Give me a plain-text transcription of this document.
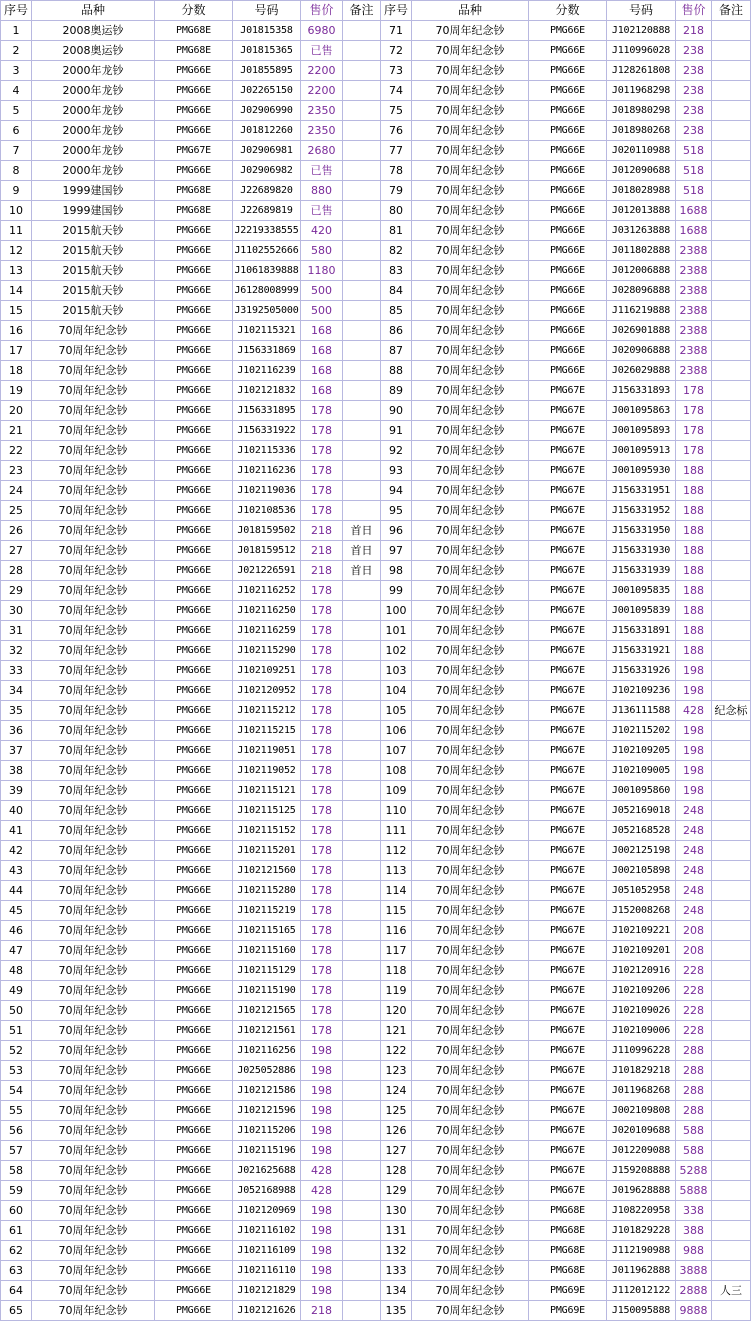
序号	品种	分数	号码	售价	备注	序号	品种	分数	号码	售价	备注
1	2008奥运钞	PMG68E	J01815358	6980		71	70周年纪念钞	PMG66E	J102120888	218	
2	2008奥运钞	PMG68E	J01815365	已售		72	70周年纪念钞	PMG66E	J110996028	238	
3	2000年龙钞	PMG66E	J01855895	2200		73	70周年纪念钞	PMG66E	J128261808	238	
4	2000年龙钞	PMG66E	J02265150	2200		74	70周年纪念钞	PMG66E	J011968298	238	
5	2000年龙钞	PMG66E	J02906990	2350		75	70周年纪念钞	PMG66E	J018980298	238	
6	2000年龙钞	PMG66E	J01812260	2350		76	70周年纪念钞	PMG66E	J018980268	238	
7	2000年龙钞	PMG67E	J02906981	2680		77	70周年纪念钞	PMG66E	J020110988	518	
8	2000年龙钞	PMG66E	J02906982	已售		78	70周年纪念钞	PMG66E	J012090688	518	
9	1999建国钞	PMG68E	J22689820	880		79	70周年纪念钞	PMG66E	J018028988	518	
10	1999建国钞	PMG68E	J22689819	已售		80	70周年纪念钞	PMG66E	J012013888	1688	
11	2015航天钞	PMG66E	J2219338555	420		81	70周年纪念钞	PMG66E	J031263888	1688	
12	2015航天钞	PMG66E	J1102552666	580		82	70周年纪念钞	PMG66E	J011802888	2388	
13	2015航天钞	PMG66E	J1061839888	1180		83	70周年纪念钞	PMG66E	J012006888	2388	
14	2015航天钞	PMG66E	J6128008999	500		84	70周年纪念钞	PMG66E	J028096888	2388	
15	2015航天钞	PMG66E	J3192505000	500		85	70周年纪念钞	PMG66E	J116219888	2388	
16	70周年纪念钞	PMG66E	J102115321	168		86	70周年纪念钞	PMG66E	J026901888	2388	
17	70周年纪念钞	PMG66E	J156331869	168		87	70周年纪念钞	PMG66E	J020906888	2388	
18	70周年纪念钞	PMG66E	J102116239	168		88	70周年纪念钞	PMG66E	J026029888	2388	
19	70周年纪念钞	PMG66E	J102121832	168		89	70周年纪念钞	PMG67E	J156331893	178	
20	70周年纪念钞	PMG66E	J156331895	178		90	70周年纪念钞	PMG67E	J001095863	178	
21	70周年纪念钞	PMG66E	J156331922	178		91	70周年纪念钞	PMG67E	J001095893	178	
22	70周年纪念钞	PMG66E	J102115336	178		92	70周年纪念钞	PMG67E	J001095913	178	
23	70周年纪念钞	PMG66E	J102116236	178		93	70周年纪念钞	PMG67E	J001095930	188	
24	70周年纪念钞	PMG66E	J102119036	178		94	70周年纪念钞	PMG67E	J156331951	188	
25	70周年纪念钞	PMG66E	J102108536	178		95	70周年纪念钞	PMG67E	J156331952	188	
26	70周年纪念钞	PMG66E	J018159502	218	首日	96	70周年纪念钞	PMG67E	J156331950	188	
27	70周年纪念钞	PMG66E	J018159512	218	首日	97	70周年纪念钞	PMG67E	J156331930	188	
28	70周年纪念钞	PMG66E	J021226591	218	首日	98	70周年纪念钞	PMG67E	J156331939	188	
29	70周年纪念钞	PMG66E	J102116252	178		99	70周年纪念钞	PMG67E	J001095835	188	
30	70周年纪念钞	PMG66E	J102116250	178		100	70周年纪念钞	PMG67E	J001095839	188	
31	70周年纪念钞	PMG66E	J102116259	178		101	70周年纪念钞	PMG67E	J156331891	188	
32	70周年纪念钞	PMG66E	J102115290	178		102	70周年纪念钞	PMG67E	J156331921	188	
33	70周年纪念钞	PMG66E	J102109251	178		103	70周年纪念钞	PMG67E	J156331926	198	
34	70周年纪念钞	PMG66E	J102120952	178		104	70周年纪念钞	PMG67E	J102109236	198	
35	70周年纪念钞	PMG66E	J102115212	178		105	70周年纪念钞	PMG67E	J136111588	428	纪念标
36	70周年纪念钞	PMG66E	J102115215	178		106	70周年纪念钞	PMG67E	J102115202	198	
37	70周年纪念钞	PMG66E	J102119051	178		107	70周年纪念钞	PMG67E	J102109205	198	
38	70周年纪念钞	PMG66E	J102119052	178		108	70周年纪念钞	PMG67E	J102109005	198	
39	70周年纪念钞	PMG66E	J102115121	178		109	70周年纪念钞	PMG67E	J001095860	198	
40	70周年纪念钞	PMG66E	J102115125	178		110	70周年纪念钞	PMG67E	J052169018	248	
41	70周年纪念钞	PMG66E	J102115152	178		111	70周年纪念钞	PMG67E	J052168528	248	
42	70周年纪念钞	PMG66E	J102115201	178		112	70周年纪念钞	PMG67E	J002125198	248	
43	70周年纪念钞	PMG66E	J102121560	178		113	70周年纪念钞	PMG67E	J002105898	248	
44	70周年纪念钞	PMG66E	J102115280	178		114	70周年纪念钞	PMG67E	J051052958	248	
45	70周年纪念钞	PMG66E	J102115219	178		115	70周年纪念钞	PMG67E	J152008268	248	
46	70周年纪念钞	PMG66E	J102115165	178		116	70周年纪念钞	PMG67E	J102109221	208	
47	70周年纪念钞	PMG66E	J102115160	178		117	70周年纪念钞	PMG67E	J102109201	208	
48	70周年纪念钞	PMG66E	J102115129	178		118	70周年纪念钞	PMG67E	J102120916	228	
49	70周年纪念钞	PMG66E	J102115190	178		119	70周年纪念钞	PMG67E	J102109206	228	
50	70周年纪念钞	PMG66E	J102121565	178		120	70周年纪念钞	PMG67E	J102109026	228	
51	70周年纪念钞	PMG66E	J102121561	178		121	70周年纪念钞	PMG67E	J102109006	228	
52	70周年纪念钞	PMG66E	J102116256	198		122	70周年纪念钞	PMG67E	J110996228	288	
53	70周年纪念钞	PMG66E	J025052886	198		123	70周年纪念钞	PMG67E	J101829218	288	
54	70周年纪念钞	PMG66E	J102121586	198		124	70周年纪念钞	PMG67E	J011968268	288	
55	70周年纪念钞	PMG66E	J102121596	198		125	70周年纪念钞	PMG67E	J002109808	288	
56	70周年纪念钞	PMG66E	J102115206	198		126	70周年纪念钞	PMG67E	J020109688	588	
57	70周年纪念钞	PMG66E	J102115196	198		127	70周年纪念钞	PMG67E	J012209088	588	
58	70周年纪念钞	PMG66E	J021625688	428		128	70周年纪念钞	PMG67E	J159208888	5288	
59	70周年纪念钞	PMG66E	J052168988	428		129	70周年纪念钞	PMG67E	J019628888	5888	
60	70周年纪念钞	PMG66E	J102120969	198		130	70周年纪念钞	PMG68E	J108220958	338	
61	70周年纪念钞	PMG66E	J102116102	198		131	70周年纪念钞	PMG68E	J101829228	388	
62	70周年纪念钞	PMG66E	J102116109	198		132	70周年纪念钞	PMG68E	J112190988	988	
63	70周年纪念钞	PMG66E	J102116110	198		133	70周年纪念钞	PMG68E	J011962888	3888	
64	70周年纪念钞	PMG66E	J102121829	198		134	70周年纪念钞	PMG69E	J112012122	2888	人三
65	70周年纪念钞	PMG66E	J102121626	218		135	70周年纪念钞	PMG69E	J150095888	9888	
